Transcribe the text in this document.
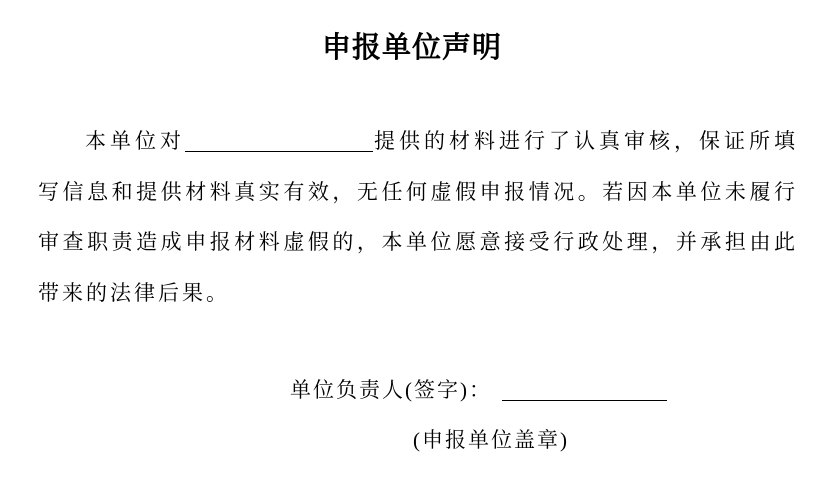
申报单位声明

本单位对	提供的材料进行了认真审核，保证所填写信息和提供材料真实有效，无任何虚假申报情况。若因本单位未履行审查职责造成申报材料虚假的，本单位愿意接受行政处理，并承担由此带来的法律后果。

单位负责人(签字)：
(申报单位盖章)
